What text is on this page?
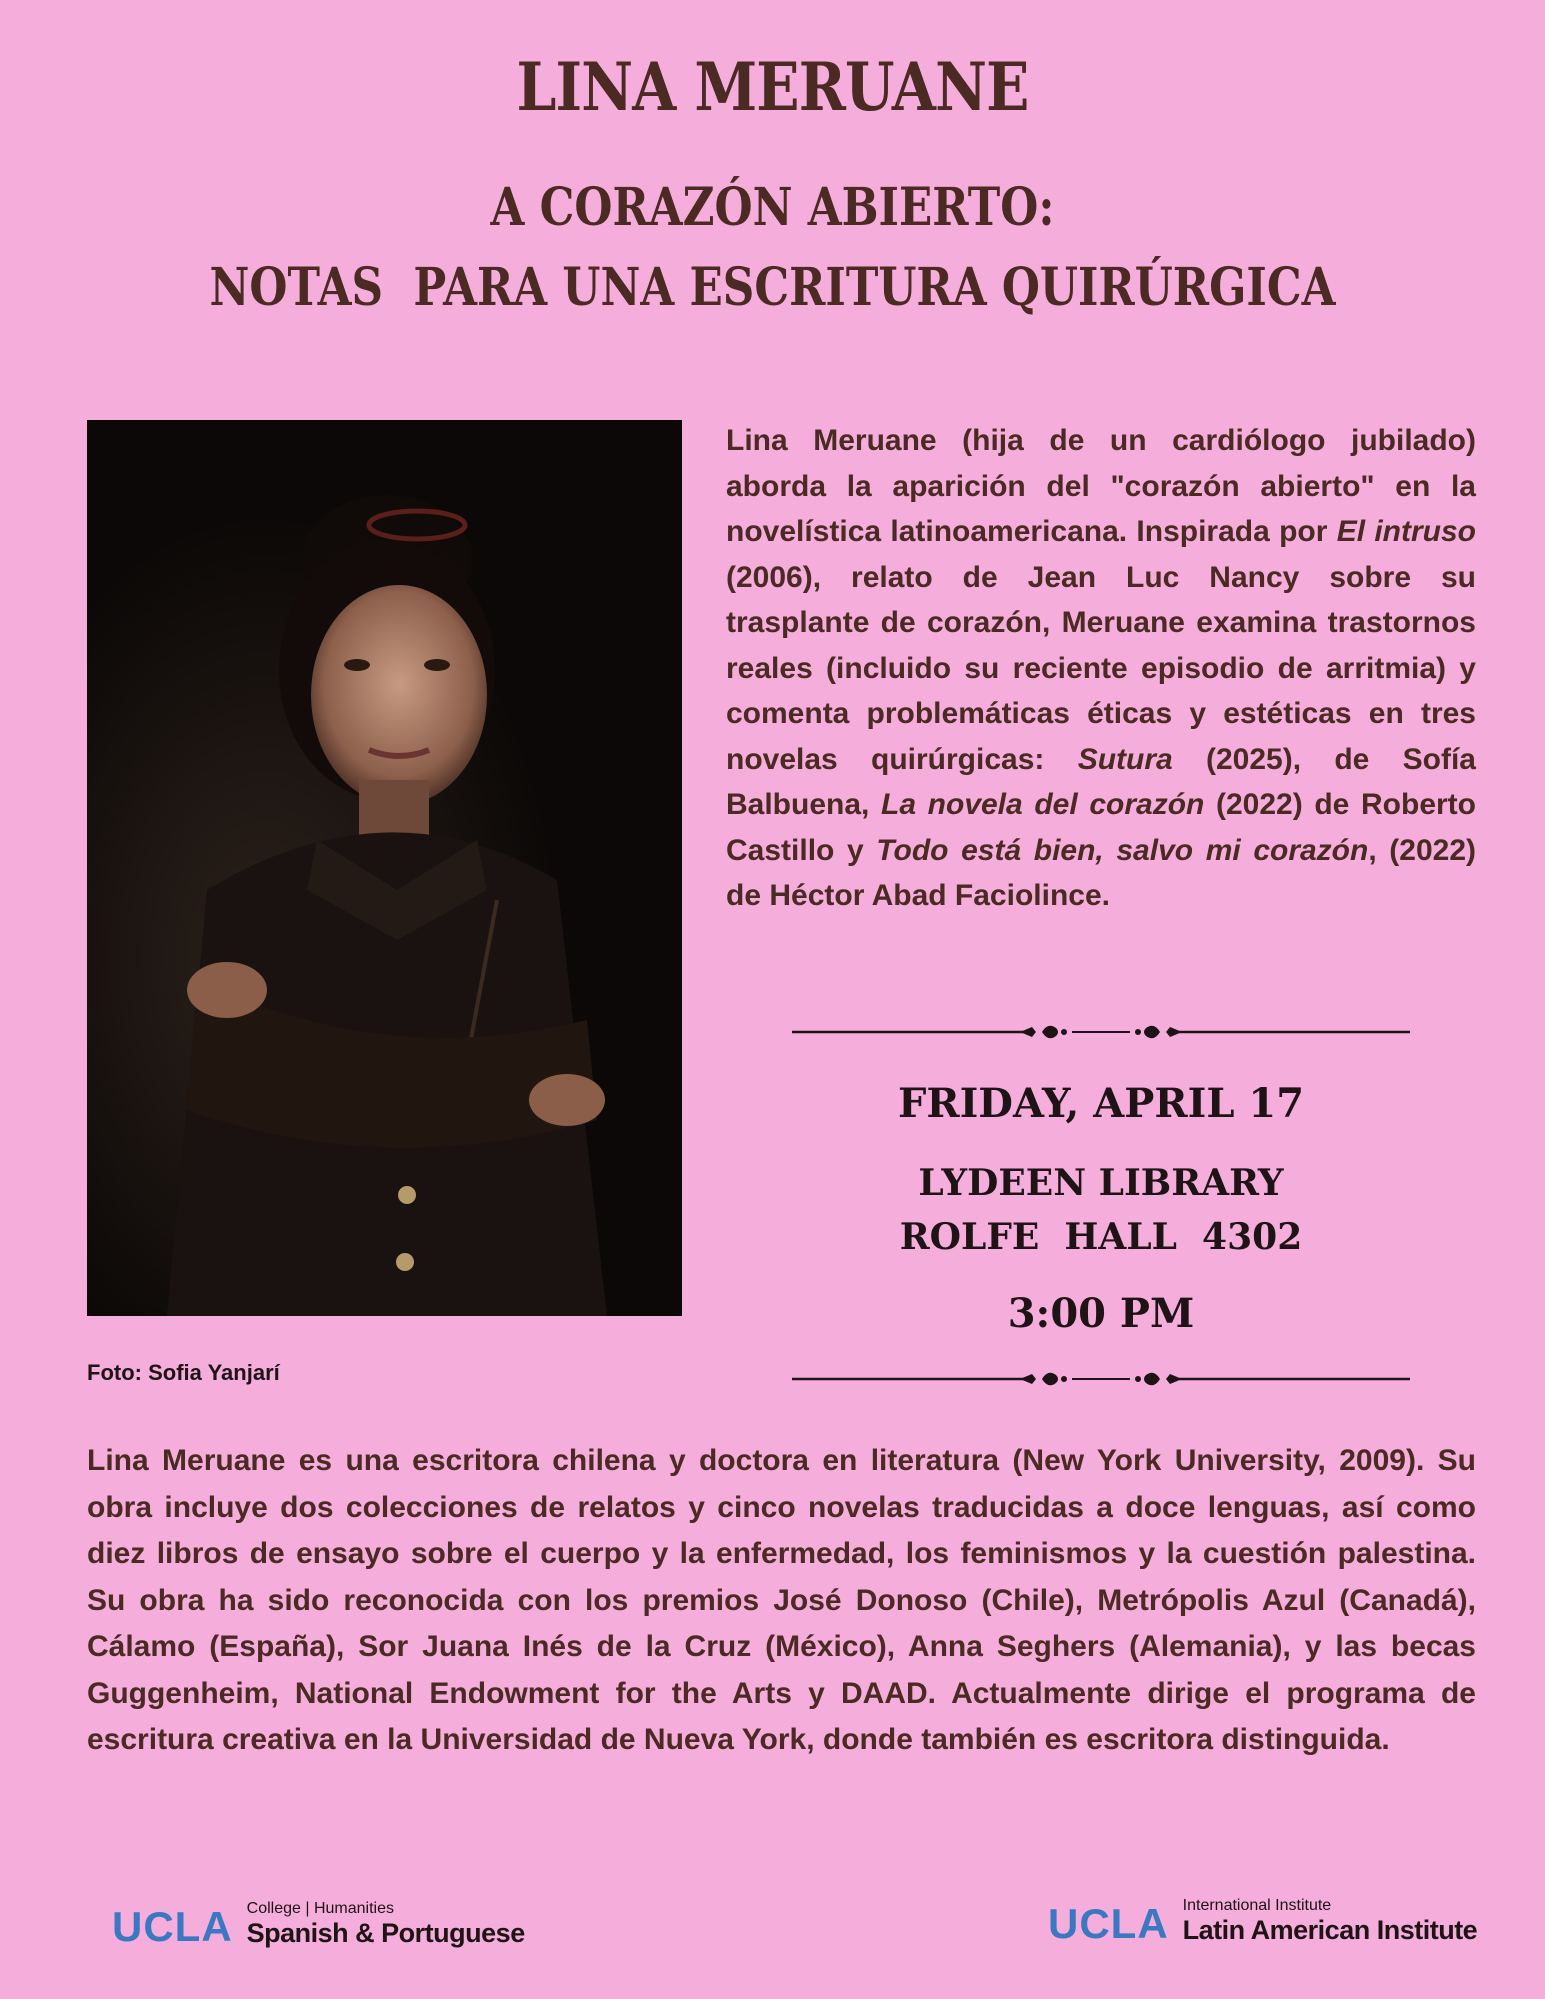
LINA MERUANE
A CORAZÓN ABIERTO:
NOTAS  PARA UNA ESCRITURA QUIRÚRGICA
Foto: Sofia Yanjarí
Lina Meruane (hija de un cardiólogo jubilado) aborda la aparición del "corazón abierto" en la novelística latinoamericana. Inspirada por El intruso (2006), relato de Jean Luc Nancy sobre su trasplante de corazón, Meruane examina trastornos reales (incluido su reciente episodio de arritmia) y comenta problemáticas éticas y estéticas en tres novelas quirúrgicas: Sutura (2025), de Sofía Balbuena, La novela del corazón (2022) de Roberto Castillo y Todo está bien, salvo mi corazón, (2022) de Héctor Abad Faciolince.
FRIDAY, APRIL 17
LYDEEN LIBRARY
ROLFE  HALL  4302
3:00 PM
Lina Meruane es una escritora chilena y doctora en literatura (New York University, 2009). Su obra incluye dos colecciones de relatos y cinco novelas traducidas a doce lenguas, así como diez libros de ensayo sobre el cuerpo y la enfermedad, los feminismos y la cuestión palestina. Su obra ha sido reconocida con los premios José Donoso (Chile), Metrópolis Azul (Canadá), Cálamo (España), Sor Juana Inés de la Cruz (México), Anna Seghers (Alemania), y las becas Guggenheim, National Endowment for the Arts y DAAD. Actualmente dirige el programa de escritura creativa en la Universidad de Nueva York, donde también es escritora distinguida.
UCLA College | Humanities
Spanish & Portuguese	UCLA International Institute
Latin American Institute
